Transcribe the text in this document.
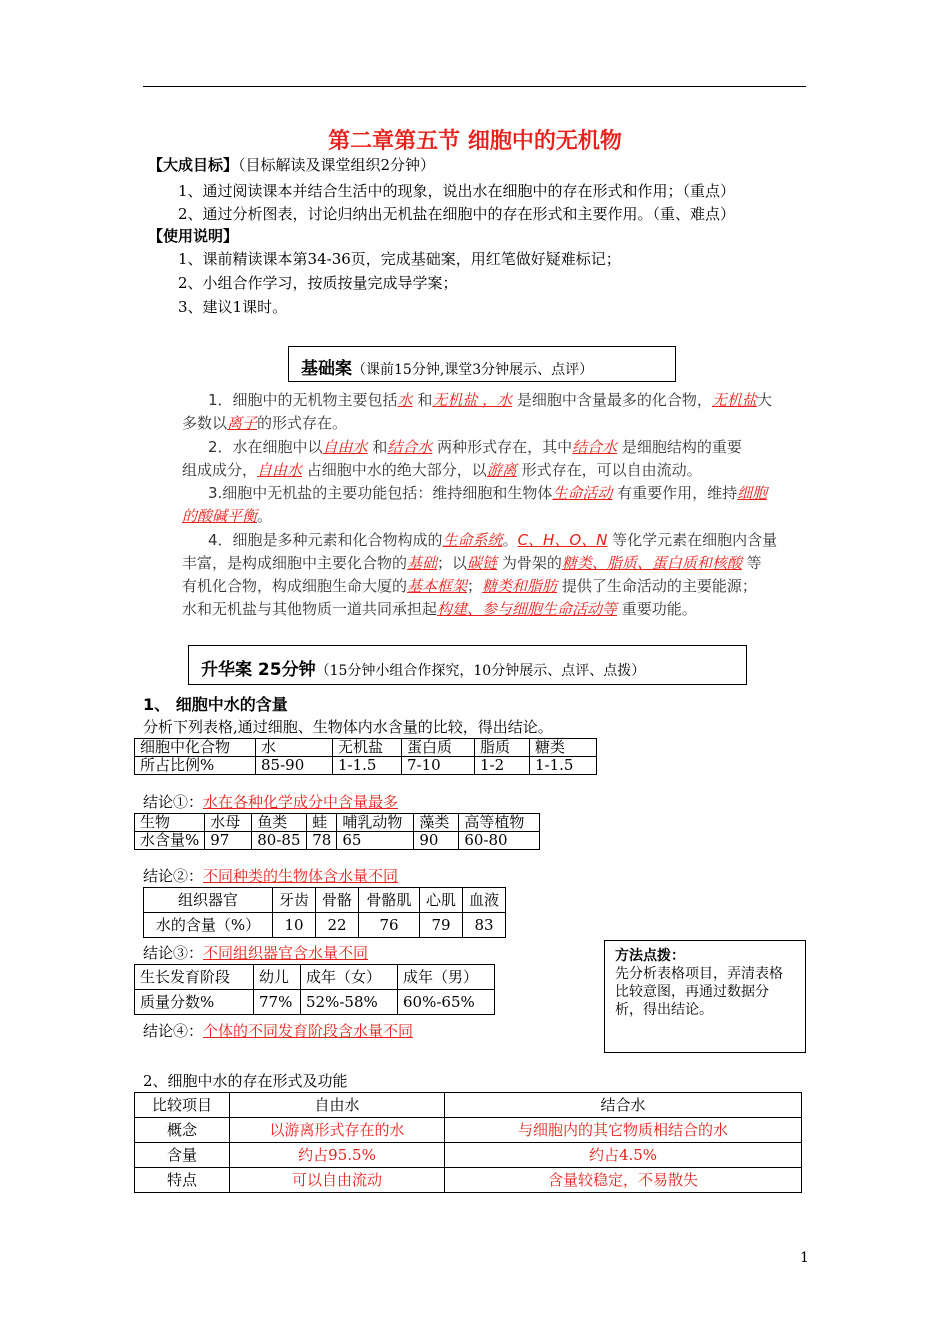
第二章第五节 细胞中的无机物
【大成目标】（目标解读及课堂组织2分钟）
1、通过阅读课本并结合生活中的现象，说出水在细胞中的存在形式和作用；（重点）
2、通过分析图表，讨论归纳出无机盐在细胞中的存在形式和主要作用。（重、难点）
【使用说明】
1、课前精读课本第34-36页，完成基础案，用红笔做好疑难标记；
2、小组合作学习，按质按量完成导学案；
3、建议1课时。
基础案（课前15分钟,课堂3分钟展示、点评）
1．细胞中的无机物主要包括水 和无机盐 ，水 是细胞中含量最多的化合物，无机盐大
多数以离子的形式存在。
2．水在细胞中以自由水 和结合水 两种形式存在，其中结合水 是细胞结构的重要
组成成分，自由水 占细胞中水的绝大部分，以游离 形式存在，可以自由流动。
3.细胞中无机盐的主要功能包括：维持细胞和生物体生命活动 有重要作用，维持细胞
的酸碱平衡。
4．细胞是多种元素和化合物构成的生命系统。C、H、O、N 等化学元素在细胞内含量
丰富，是构成细胞中主要化合物的基础；以碳链 为骨架的糖类、脂质、蛋白质和核酸 等
有机化合物，构成细胞生命大厦的基本框架；糖类和脂肪 提供了生命活动的主要能源；
水和无机盐与其他物质一道共同承担起构建、参与细胞生命活动等 重要功能。
升华案 25分钟（15分钟小组合作探究，10分钟展示、点评、点拨）
1、 细胞中水的含量
分析下列表格,通过细胞、生物体内水含量的比较，得出结论。
细胞中化合物	水	无机盐	蛋白质	脂质	糖类
所占比例%	85-90	1-1.5	7-10	1-2	1-1.5
结论①：水在各种化学成分中含量最多
生物	水母	鱼类	蛙	哺乳动物	藻类	高等植物
水含量%	97	80-85	78	65	90	60-80
结论②：不同种类的生物体含水量不同
组织器官	牙齿	骨骼	骨骼肌	心肌	血液
水的含量（%）	10	22	76	79	83
结论③：不同组织器官含水量不同
生长发育阶段	幼儿	成年（女）	成年（男）
质量分数%	77%	52%-58%	60%-65%
结论④：个体的不同发育阶段含水量不同
方法点拨：
先分析表格项目，弄清表格比较意图，再通过数据分析，得出结论。
2、细胞中水的存在形式及功能
比较项目	自由水	结合水
概念	以游离形式存在的水	与细胞内的其它物质相结合的水
含量	约占95.5%	约占4.5%
特点	可以自由流动	含量较稳定，不易散失
1
